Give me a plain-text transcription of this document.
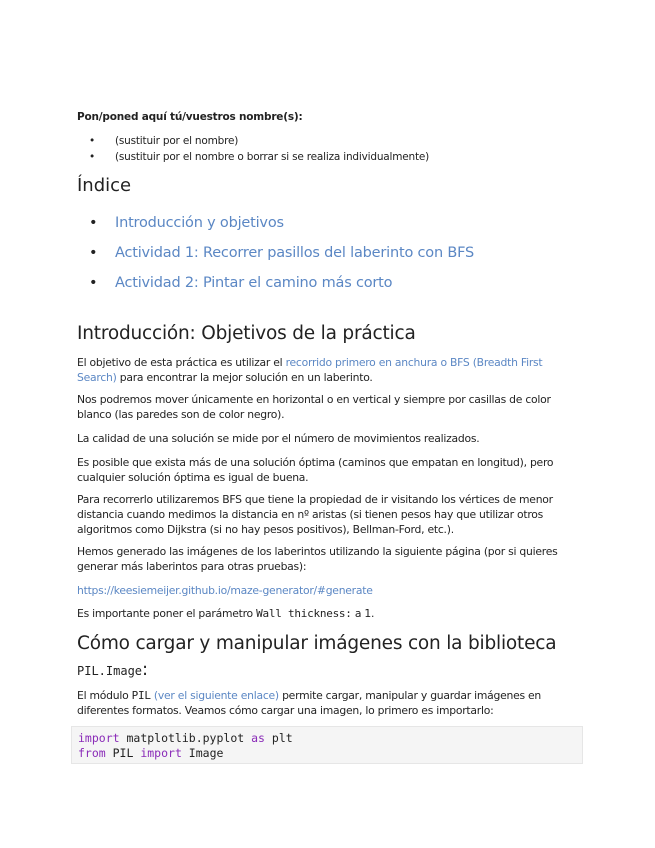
Pon/poned aquí tú/vuestros nombre(s):
• (sustituir por el nombre)
• (sustituir por el nombre o borrar si se realiza individualmente)
Índice
• Introducción y objetivos
• Actividad 1: Recorrer pasillos del laberinto con BFS
• Actividad 2: Pintar el camino más corto
Introducción: Objetivos de la práctica

El objetivo de esta práctica es utilizar el recorrido primero en anchura o BFS (Breadth First Search) para encontrar la mejor solución en un laberinto.

Nos podremos mover únicamente en horizontal o en vertical y siempre por casillas de color blanco (las paredes son de color negro).

La calidad de una solución se mide por el número de movimientos realizados.

Es posible que exista más de una solución óptima (caminos que empatan en longitud), pero cualquier solución óptima es igual de buena.

Para recorrerlo utilizaremos BFS que tiene la propiedad de ir visitando los vértices de menor distancia cuando medimos la distancia en nº aristas (si tienen pesos hay que utilizar otros algoritmos como Dijkstra (si no hay pesos positivos), Bellman-Ford, etc.).

Hemos generado las imágenes de los laberintos utilizando la siguiente página (por si quieres generar más laberintos para otras pruebas):

https://keesiemeijer.github.io/maze-generator/#generate

Es importante poner el parámetro Wall thickness: a 1.

Cómo cargar y manipular imágenes con la biblioteca
PIL.Image:

El módulo PIL (ver el siguiente enlace) permite cargar, manipular y guardar imágenes en diferentes formatos. Veamos cómo cargar una imagen, lo primero es importarlo:

import matplotlib.pyplot as plt
from PIL import Image
